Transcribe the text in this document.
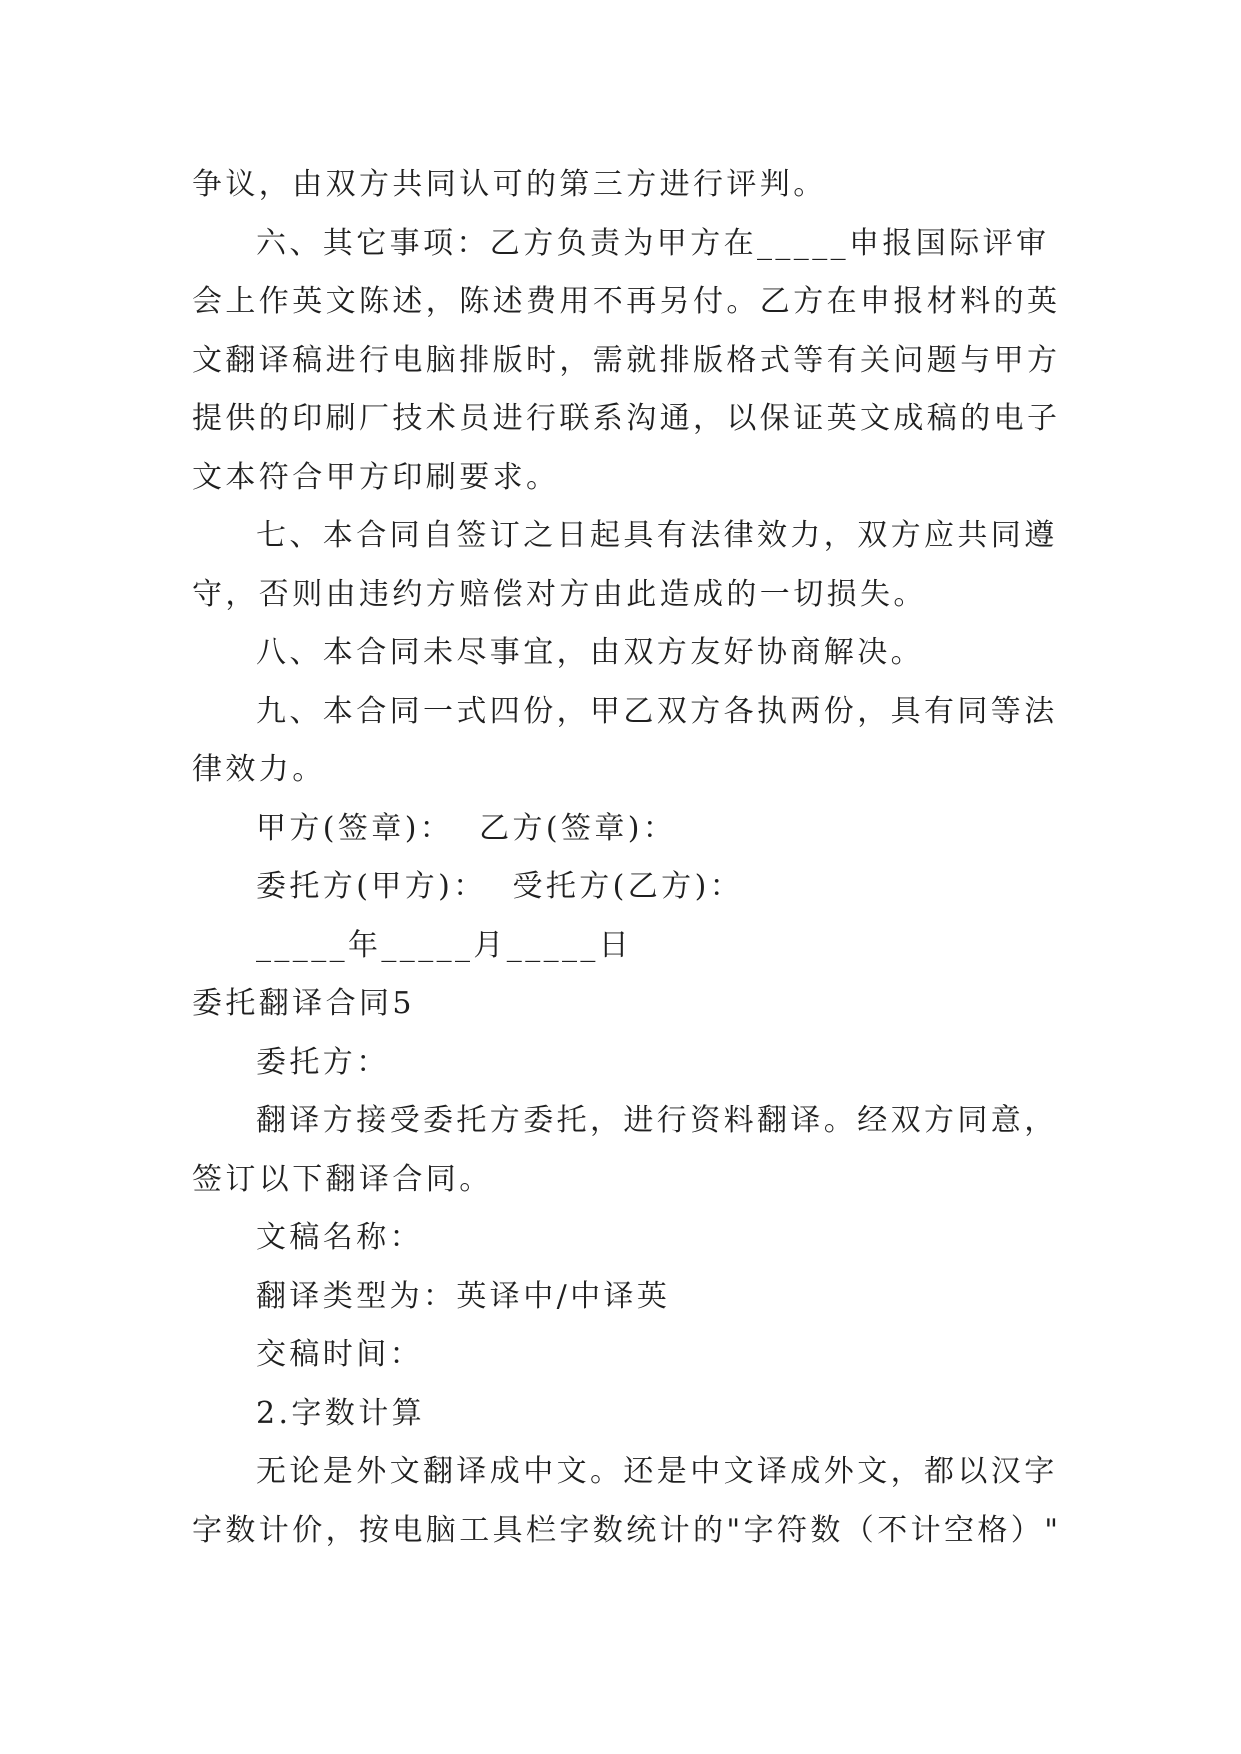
争议，由双方共同认可的第三方进行评判。
六、其它事项：乙方负责为甲方在_____申报国际评审
会上作英文陈述，陈述费用不再另付。乙方在申报材料的英
文翻译稿进行电脑排版时，需就排版格式等有关问题与甲方
提供的印刷厂技术员进行联系沟通，以保证英文成稿的电子
文本符合甲方印刷要求。
七、本合同自签订之日起具有法律效力，双方应共同遵
守，否则由违约方赔偿对方由此造成的一切损失。
八、本合同未尽事宜，由双方友好协商解决。
九、本合同一式四份，甲乙双方各执两份，具有同等法
律效力。
甲方(签章)：  乙方(签章)：
委托方(甲方)：  受托方(乙方)：
_____年_____月_____日
委托翻译合同5
委托方：
翻译方接受委托方委托，进行资料翻译。经双方同意，
签订以下翻译合同。
文稿名称：
翻译类型为：英译中/中译英
交稿时间：
2.字数计算
无论是外文翻译成中文。还是中文译成外文，都以汉字
字数计价，按电脑工具栏字数统计的"字符数（不计空格）"
